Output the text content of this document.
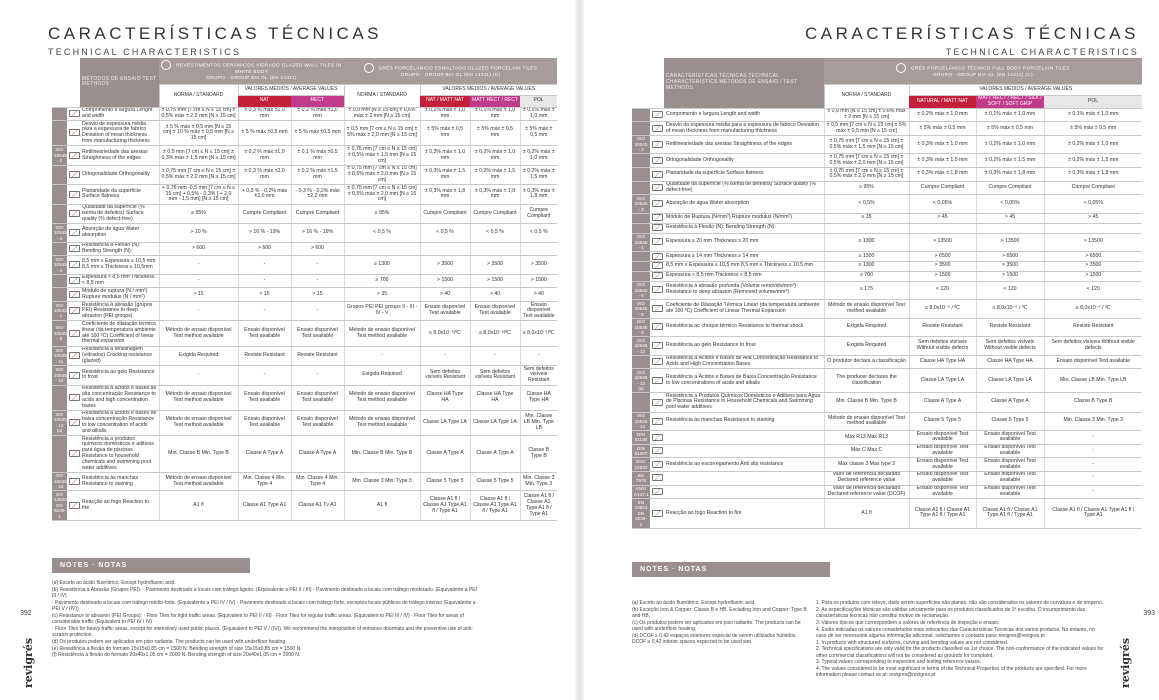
CARACTERÍSTICAS TÉCNICAS
TECHNICAL CHARACTERISTICS
		MÉTODOS DE ENSAIO TEST METHODS	REVESTIMENTOS CERÂMICOS VIDRADO GLAZED WALL TILES IN WHITE BODY
GRUPO · GROUP BIII GL (EN 14411)			GRÉS PORCELÂNICO ESMALTADO GLAZED PORCELAIN TILES
GRUPO · GROUP BIA GL (EN 14411) (C)			
			NORMA / STANDARD	VALORES MÉDIOS / AVERAGE VALUES		NORMA / STANDARD	VALORES MÉDIOS / AVERAGE VALUES		
				NAT	RECT		NAT / MATT NAT	MATT RECT / RECT	POL
		Comprimento e largura Lenght and width	± 0,75 mm [7 cm ≤ N ≤ 15 cm] ± 0,5% máx ± 2,0 mm [N ≥ 15 cm]	± 0,3 % máx ±2,0 mm	± 0,2 % máx ±1,0 mm	± 0,9 mm [N ≤ 15 cm] ± 0,6% máx ± 2 mm [N ≥ 15 cm]	± 0,2% máx ± 1,0 mm	± 0,1% máx ± 1,0 mm	± 0,1% máx ± 1,0 mm
		Desvio de espessura média para a espessura de fabrico Deviation of mean thickness from manufacturing thickness	± 5 % máx ± 0,5 mm [N ≤ 15 cm] ± 10 % máx ± 0,5 mm [N ≥ 15 cm]	± 5 % máx ±0,5 mm	± 5 % máx ±0,5 mm	± 0,5 mm [7 cm ≤ N ≤ 15 cm] ± 5% máx ± 2,0 mm [N ≥ 15 cm]	± 5% máx ± 0,5 mm	± 5% máx ± 0,5 mm	± 5% máx ± 0,5 mm
ISO 10545 - 2		Retilineariedade das arestas Straightness of the edges	± 0,5 mm [7 cm ≤ N ≤ 15 cm] ± 0,3% máx ± 1,5 mm [N ≥ 15 cm]	± 0,2 % máx ±1,0 mm	± 0,1 % máx ±0,5 mm	± 0,75 mm [7 cm ≤ N ≤ 15 cm] ± 0,5% máx ± 1,5 mm [N ≥ 15 cm]	± 0,3% máx ± 1,0 mm	± 0,2% máx ± 1,0 mm	± 0,2% máx ± 1,0 mm
		Ortogonalidade Orthogonality	± 0,75 mm [7 cm ≤ N ≤ 15 cm] ± 0,5% máx ± 2,0 mm [N ≥ 15 cm]	± 0,3 % máx ±2,0 mm	± 0,2 % máx ±1,5 mm	± 0,75 mm [7 cm ≤ N ≤ 15 cm] ± 0,5% máx ± 2,0 mm [N ≥ 15 cm]	± 0,3% máx ± 1,5 mm	± 0,2% máx ± 1,5 mm	± 0,2% máx ± 1,5 mm
		Planaridade da superfície Surface flatness	+ 0,75 mm -0,5 mm [7 cm ≤ N ≤ 15 cm] + 0,5% - 0,3% [ + 2,0 mm - 1,5 mm] [N ≥ 15 cm]	+ 0,3 % - 0,2% máx ±2,0 mm	- 0,3 % - 0,2% máx ±2,0 mm	± 0,75 mm [7 cm ≤ N ≤ 15 cm] ± 0,5% máx ± 2,0 mm [N ≥ 15 cm]	± 0,3% máx ± 1,8 mm	± 0,3% máx ± 1,8 mm	± 0,3% máx ± 1,8 mm
		Qualidade da superfície (% isenta de defeitos) Surface quality (% defect-free)	≥ 95%	Cumpre Compliant	Cumpre Compliant	≥ 95%	Cumpre Compliant	Cumpre Compliant	Cumpre Compliant
ISO 10545 - 3		Absorção de água Water absorption	> 10 %	> 16 % - 19%	> 16 % - 19%	< 0,5 %	< 0,5 %	< 0,5 %	< 0,5 %
		Resistência à Flexão (N): Bending Strength (N):	> 600	> 600	> 600				
ISO 10545 - 4		8,5 mm ≤ Espessura ≤ 10,5 mm 8,5 mm ≤ Thickness ≤ 10,5mm	-	-	-	≥ 1300	> 3500	> 3500	> 3500
		Espessura < 8,5 mm Thickness < 8,5 mm	-	-	-	≥ 700	> 1500	> 1500	> 1500
		Módulo de ruptura (N / mm²) Rupture modulus (N / mm²)	> 15	> 15	> 15	> 35	> 40	> 40	> 40
ISO 10545 - 7		Resistência à abrasão (grupos PEI) Resistance to deep abrasion (PEI groups)	-	-	-	Grupos PEI PEI groups II - III - IV - V	Ensaio disponível Test available	Ensaio disponível Test available	Ensaio disponível Test available
ISO 10545 - 8		Coeficiente de dilatação térmica linear (da temperatura ambiente até 100 ºC) Coefficient of linear thermal expansion	Método de ensaio disponível Test method available	Ensaio disponível Test available	Ensaio disponível Test available	Método de ensaio disponível Test method available	≤ 8,0x10⁻⁶/ºC	≤ 8,0x10⁻⁶/ºC	≤ 8,0x10⁻⁶/ºC
ISO 10545 - 11		Resistência à fendilhagem (vidrados) Cracking resistance (glazed)	Exigida Required	Resiste Resistant	Resiste Resistant	-	-	-	-
ISO 10545 - 12		Resistência ao gelo Resistance to frost	-	-	-	Exigida Required	Sem defeitos visíveis Resistant	Sem defeitos visíveis Resistant	Sem defeitos visíveis Resistant
		Resistência a ácidos e bases de alta concentração Resistance to acids and high concentration bases	Método de ensaio disponível Test method available	Ensaio disponível Test available	Ensaio disponível Test available	Método de ensaio disponível Test method available	Classe HA Type HA	Classe HA Type HA	Classe HA Type HA
ISO 10545 - 13 (a)		Resistência a ácidos e bases de baixa concentração Resistance to low concentration of acids and alkalis	Método de ensaio disponível Test method available	Ensaio disponível Test available	Ensaio disponível Test available	Método de ensaio disponível Test method available	Classe LA Type LA	Classe LA Type LA	Min. Classe LB Min. Type LB
		Resistência a produtos químicos domésticos e aditivos para água de piscinas Resistance to household chemicals and swimming pool water additives	Min. Classe B Min. Type B	Classe A Type A	Classe A Type A	Min. Classe B Min. Type B	Classe A Type A	Classe A Type A	Classe B Type B
ISO 10545 - 14		Resistência às manchas Resistance to staining	Método de ensaio disponível Test method available	Min. Classe 4 Min. Type 4	Min. Classe 4 Min. Type 4	Min. Classe 3 Min. Type 3	Classe 5 Type 5	Classe 5 Type 5	Min. Classe 3 Min. Type 3
EN 13823 EN 9239-1		Reacção ao fogo Reaction to fire	A1 fl	Classe A1 Type A1	Classe A1 Tv A1	A1 fl	Classe A1 fl / Classe A1 Type A1 fl / Type A1	Classe A1 fl / Classe A1 Type A1 fl / Type A1	Classe A1 fl / Classe A1 Type A1 fl / Type A1
NOTES · NOTAS

(a) Exceto ao ácido fluorídrico. Except hydrofluoric acid.

(b) Resistência à Abrasão (Grupos PEI): · Pavimento destinado a locais com tráfego ligeiro. (Equivalente a PEI II / III) · Pavimento destinado a locais com tráfego moderado. (Equivalente a PEI III / IV)

· Pavimento destinado a locais com tráfego médio-forte. (Equivalente a PEI IV / IV) · Pavimento destinado a locais com tráfego forte, exceptos locais públicos de tráfego intenso (Equivalente a PEI V / (IV))

(c) Resistance to abrasion (PEI Groups): · Floor Tiles for light traffic areas. (Equivalent to PEI II / III) · Floor Tiles for regular traffic areas. (Equivalent to PEI III / IV) · Floor Tiles for areas of considerable traffic (Equivalent to PEI IV / IV)

· Floor Tiles for heavy traffic areas, except for intensively used public places. (Equivalent to PEI V / (IV)). We recommend the interposition of entrance doormats and the preventive use of anti-scratch protection.

(d) Os produtos podem ser aplicados em piso radiante. The products can be used with underfloor heating.

(e) Resistência à flexão do formato 15x15x0,85 cm = 1500 N. Bending strength of size 15x15x0,85 cm = 1500 N.

(f) Resistência à flexão do formato 20x40x1,05 cm = 2000 N. Bending strength of size 20x40x1,05 cm = 2000 N.

392
revigrés
CARACTERÍSTICAS TÉCNICAS
TECHNICAL CHARACTERISTICS
		CARACTERÍSTICAS TÉCNICAS TECHNICAL CHARACTERISTICS MÉTODOS DE ENSAIO / TEST METHODS	GRÉS PORCELÂNICO TÉCNICO FULL BODY PORCELAIN TILES
GRUPO · GROUP BIA GL (EN 14411) (C)			
			NORMA / STANDARD	VALORES MÉDIOS / AVERAGE VALUES		
				NATURAL / MATT NAT	MATT RECT / RECT / SILK / SOFT / SOFT GRIP	POL
		Comprimento e largura Length and width	± 0,9 mm [N ≤ 15 cm] ± 0,6% máx ± 2 mm [N ≥ 15 cm]	± 0,2% máx ± 1,0 mm	± 0,1% máx ± 1,0 mm	± 0,1% máx ± 1,0 mm
		Desvio da espessura média para a espessura de fabrico Deviation of mean thickness from manufacturing thickness	± 0,5 mm [7 cm ≤ N ≤ 15 cm] ± 5% máx ± 0,5 mm [N ≥ 15 cm]	± 5% máx ± 0,5 mm	± 5% máx ± 0,5 mm	± 5% máx ± 0,5 mm
ISO 10545 - 2		Retilineariedade das arestas Straightness of the edges	± 0,75 mm [7 cm ≤ N ≤ 15 cm] ± 0,5% máx ± 1,5 mm [N ≥ 15 cm]	± 0,3% máx ± 1,0 mm	± 0,2% máx ± 1,0 mm	± 0,2% máx ± 1,0 mm
		Ortogonalidade Orthogonality	± 0,75 mm [7 cm ≤ N ≤ 15 cm] ± 0,5% máx ± 2,0 mm [N ≥ 15 cm]	± 0,3% máx ± 1,5 mm	± 0,2% máx ± 1,5 mm	± 0,2% máx ± 1,5 mm
		Planaridade da superfície Surface flatness	± 0,75 mm [7 cm ≤ N ≤ 15 cm] ± 0,5% máx ± 2,0 mm [N ≥ 15 cm]	± 0,3% máx ± 1,8 mm	± 0,3% máx ± 1,8 mm	± 0,3% máx ± 1,8 mm
		Qualidade da superfície (% isenta de defeitos) Surface quality (% defect-free)	≥ 95%	Cumpre Compliant	Cumpre Compliant	Cumpre Compliant
ISO 10545 - 3		Absorção de água Water absorption	< 0,5%	< 0,05%	< 0,05%	< 0,05%
		Módulo de Ruptura (N/mm²) Rupture modulus (N/mm²)	≥ 35	> 45	> 45	> 45
		Resistência à Flexão (N): Bending Strength (N):				
ISO 10545 - 4		Espessura ≥ 20 mm Thickness ≥ 20 mm	≥ 1300	> 13500	> 13500	> 13500
		Espessura ≥ 14 mm Thickness ≥ 14 mm	≥ 1300	> 6500	> 6500	> 6500
		8,5 mm ≤ Espessura ≤ 10,5 mm 8,5 mm ≤ Thickness ≤ 10,5 mm	≥ 1300	> 3500	> 3500	> 3500
		Espessura < 8,5 mm Thickness < 8,5 mm	≥ 700	> 1500	> 1500	> 1500
ISO 10545 - 6		Resistência à abrasão profunda (Volume removido/mm³) Resistance to deep abrasion (Removed volume/mm³)	≤ 175	< 120	< 120	< 120
ISO 10545 - 8		Coeficiente de Dilatação Térmica Linear (da temperatura ambiente até 100 ºC) Coefficient of Linear Thermal Expansion	Método de ensaio disponível Test method available	≤ 8,0x10⁻⁶ / ºC	≤ 8,0x10⁻⁶ / ºC	≤ 8,0x10⁻⁶ / ºC
ISO 10545 - 9		Resistência ao choque térmico Resistance to thermal shock	Exigida Required	Resiste Resistant	Resiste Resistant	Resiste Resistant
ISO 10545 - 12		Resistência ao gelo Resistance to frost	Exigida Required	Sem defeitos visíveis Without visible defects	Sem defeitos visíveis Without visible defects	Sem defeitos visíveis Without visible defects
		Resistência a Ácidos e Bases de Alta Concentração Resistance to Acids and High Concentration Bases	O produtor declara a classificação	Classe HA Type HA	Classe HA Type HA	Ensaio disponível Test available
ISO 10545 - 13 (a)		Resistência a Ácidos e Bases de Baixa Concentração Resistance to low concentrations of acids and alkalis	The producer declares the classification	Classe LA Type LA	Classe LA Type LA	Min. Classe LB Min. Type LB
		Resistência a Produtos Químicos Domésticos e Aditivos para Água de Piscinas Resistance to Household Chemicals and Swimming pool water additives	Min. Classe B Min. Type B	Classe A Type A	Classe A Type A	Classe B Type B
ISO 10545 - 14		Resistência às manchas Resistance to staining	Método de ensaio disponível Test method available	Classe 5 Type 5	Classe 5 Type 5	Min. Classe 3 Min. Type 3
DIN 51130			Máx R13 Max R13	Ensaio disponível Test available	Ensaio disponível Test available	-
DIN 51097			Máx C Max C	Ensaio disponível Test available	Ensaio disponível Test available	-
ENV 12633		Resistência ao escorregamento Anti slip resistance	Máx classe 3 Max type 3	Ensaio disponível Test available	Ensaio disponível Test available	-
BS 7976			Valor de referência declarado Declared reference value	Ensaio disponível Test available	Ensaio disponível Test available	-
ANSI A137.1			Valor de referência declarado Declared reference value (DCOF)	Ensaio disponível Test available	Ensaio disponível Test available	-
EN 13823 EN 9239-1		Reacção ao fogo Reaction to fire	A1 fl	Classe A1 fl / Classe A1 Type A1 fl / Type A1	Classe A1 fl / Classe A1 Type A1 fl / Type A1	Classe A1 fl / Classe A1 Type A1 fl / Type A1
NOTES · NOTAS

(a) Exceto ao ácido fluorídrico. Except hydrofluoric acid.

(b) Exceção Iron & Copper: Classe B e HB. Excluding Iron and Copper: Type B and HB.

(c) Os produtos podem ser aplicados em piso radiante. The products can be used with underfloor heating.

(d) DCOF ≥ 0,42 espaços interiores especial de serem utilizados húmidos. DCOF ≥ 0,42 interior spaces expected to be used wet.

1. Para os produtos com relevo, dado serem superfícies não planas, não são considerados os valores de curvatura e de empeno.

2. As especificações técnicas são válidas unicamente para os produtos classificados de 1ª escolha. O incumprimento das características técnicas não constitui motivo de reclamação.

3. Valores típicos que correspondem a valores de referência de inspeção e ensaio.

4. Estão indicadas os valores considerados mais relevantes das Características Técnicas dos vários produtos. No entanto, no caso de ser necessária alguma informação adicional, solicitamos o contacto para: revigres@revigres.pt

1. In products with structured surfaces, curving and bending values are not considered.

2. Technical specifications are only valid for the products classified as 1st choice. The non-conformance of the indicated values for other commercial classifications will not be considered as grounds for complaint.

3. Typical values corresponding to inspection and testing reference values.

4. The values considered to be most significant in terms of the Technical Properties of the products are specified. For more information please contact us at: revigres@revigres.pt

393
revigrés
